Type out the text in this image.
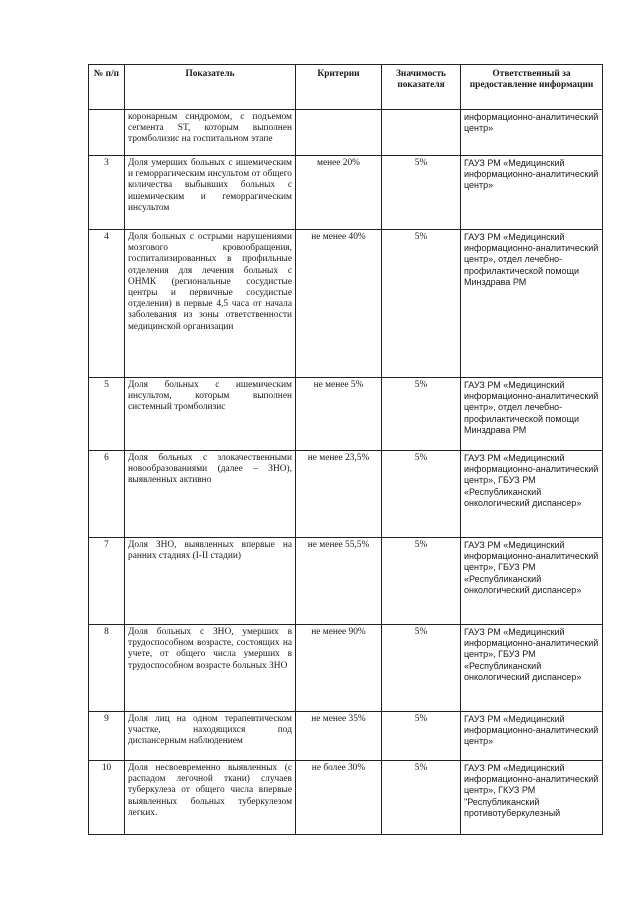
№ п/п	Показатель	Критерии	Значимость показателя	Ответственный за предоставление информации

	коронарным синдромом, с подъемом сегмента ST, которым выполнен тромболизис на госпитальном этапе			информационно-аналитический центр»
3	Доля умерших больных с ишемическим и геморрагическим инсультом от общего количества выбывших больных с ишемическим и геморрагическим инсультом	менее 20%	5%	ГАУЗ РМ «Медицинский информационно-аналитический центр»
4	Доля больных с острыми нарушениями мозгового кровообращения, госпитализированных в профильные отделения для лечения больных с ОНМК (региональные сосудистые центры и первичные сосудистые отделения) в первые 4,5 часа от начала заболевания из зоны ответственности медицинской организации	не менее 40%	5%	ГАУЗ РМ «Медицинский информационно-аналитический центр», отдел лечебно-профилактической помощи Минздрава РМ
5	Доля больных с ишемическим инсультом, которым выполнен системный тромболизис	не менее 5%	5%	ГАУЗ РМ «Медицинский информационно-аналитический центр», отдел лечебно-профилактической помощи Минздрава РМ
6	Доля больных с злокачественными новообразованиями (далее – ЗНО), выявленных активно	не менее 23,5%	5%	ГАУЗ РМ «Медицинский информационно-аналитический центр», ГБУЗ РМ «Республиканский онкологический диспансер»
7	Доля ЗНО, выявленных впервые на ранних стадиях (I-II стадии)	не менее 55,5%	5%	ГАУЗ РМ «Медицинский информационно-аналитический центр», ГБУЗ РМ «Республиканский онкологический диспансер»
8	Доля больных с ЗНО, умерших в трудоспособном возрасте, состоящих на учете, от общего числа умерших в трудоспособном возрасте больных ЗНО	не менее 90%	5%	ГАУЗ РМ «Медицинский информационно-аналитический центр», ГБУЗ РМ «Республиканский онкологический диспансер»
9	Доля лиц на одном терапевтическом участке, находящихся под диспансерным наблюдением	не менее 35%	5%	ГАУЗ РМ «Медицинский информационно-аналитический центр»
10	Доля несвоевременно выявленных (с распадом легочной ткани) случаев туберкулеза от общего числа впервые выявленных больных туберкулезом легких.	не более 30%	5%	ГАУЗ РМ «Медицинский информационно-аналитический центр», ГКУЗ РМ "Республиканский противотуберкулезный
